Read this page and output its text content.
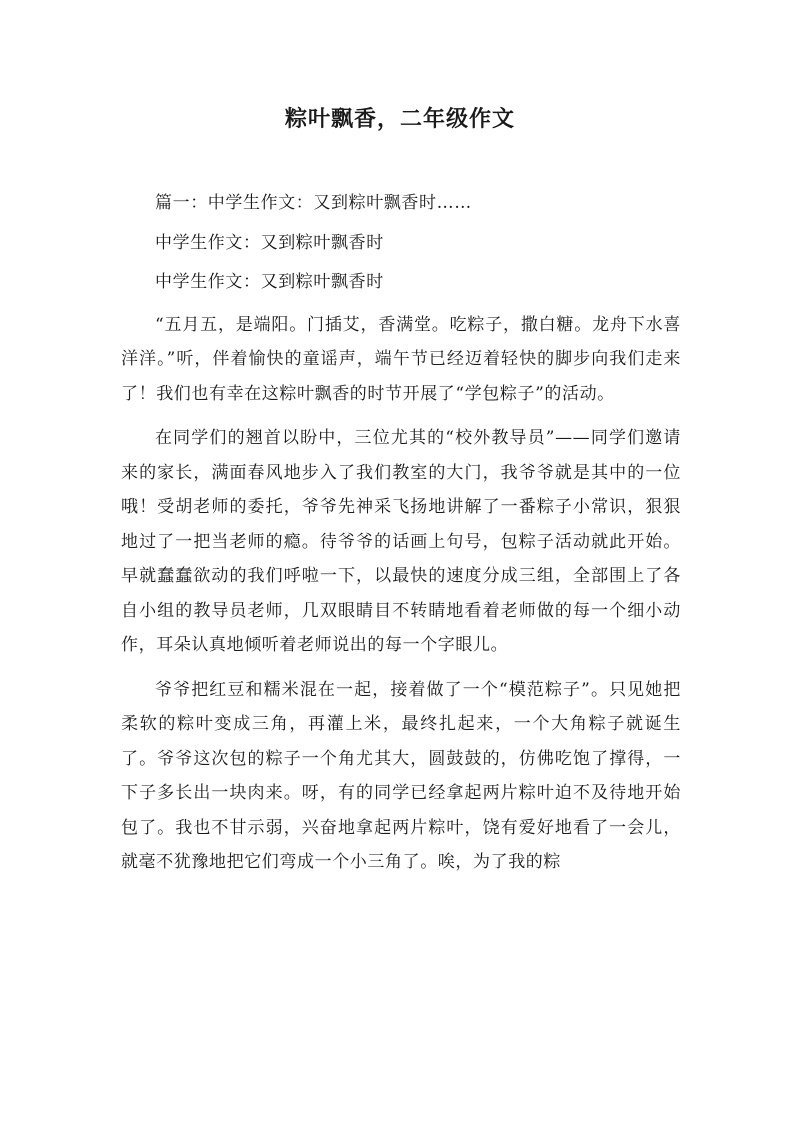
粽叶飘香，二年级作文

篇一：中学生作文：又到粽叶飘香时……

中学生作文：又到粽叶飘香时

中学生作文：又到粽叶飘香时

“五月五，是端阳。门插艾，香满堂。吃粽子，撒白糖。龙舟下水喜洋洋。”听，伴着愉快的童谣声，端午节已经迈着轻快的脚步向我们走来了！我们也有幸在这粽叶飘香的时节开展了“学包粽子”的活动。

在同学们的翘首以盼中，三位尤其的“校外教导员”——同学们邀请来的家长，满面春风地步入了我们教室的大门，我爷爷就是其中的一位哦！受胡老师的委托，爷爷先神采飞扬地讲解了一番粽子小常识，狠狠地过了一把当老师的瘾。待爷爷的话画上句号，包粽子活动就此开始。早就蠢蠢欲动的我们呼啦一下，以最快的速度分成三组，全部围上了各自小组的教导员老师，几双眼睛目不转睛地看着老师做的每一个细小动作，耳朵认真地倾听着老师说出的每一个字眼儿。

爷爷把红豆和糯米混在一起，接着做了一个“模范粽子”。只见她把柔软的粽叶变成三角，再灌上米，最终扎起来，一个大角粽子就诞生了。爷爷这次包的粽子一个角尤其大，圆鼓鼓的，仿佛吃饱了撑得，一下子多长出一块肉来。呀，有的同学已经拿起两片粽叶迫不及待地开始包了。我也不甘示弱，兴奋地拿起两片粽叶，饶有爱好地看了一会儿，就毫不犹豫地把它们弯成一个小三角了。唉，为了我的粽
